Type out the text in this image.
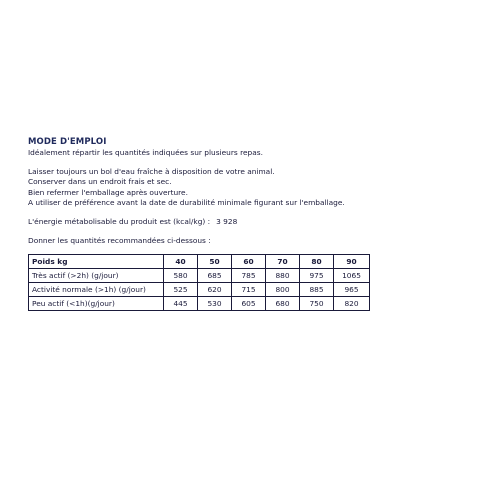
MODE D'EMPLOI
Idéalement répartir les quantités indiquées sur plusieurs repas.
Laisser toujours un bol d'eau fraîche à disposition de votre animal.
Conserver dans un endroit frais et sec.
Bien refermer l'emballage après ouverture.
A utiliser de préférence avant la date de durabilité minimale figurant sur l'emballage.
L'énergie métabolisable du produit est (kcal/kg) : 3 928
Donner les quantités recommandées ci-dessous :
Poids kg	40	50	60	70	80	90
Très actif (>2h) (g/jour)	580	685	785	880	975	1065
Activité normale (>1h) (g/jour)	525	620	715	800	885	965
Peu actif (<1h)(g/jour)	445	530	605	680	750	820
